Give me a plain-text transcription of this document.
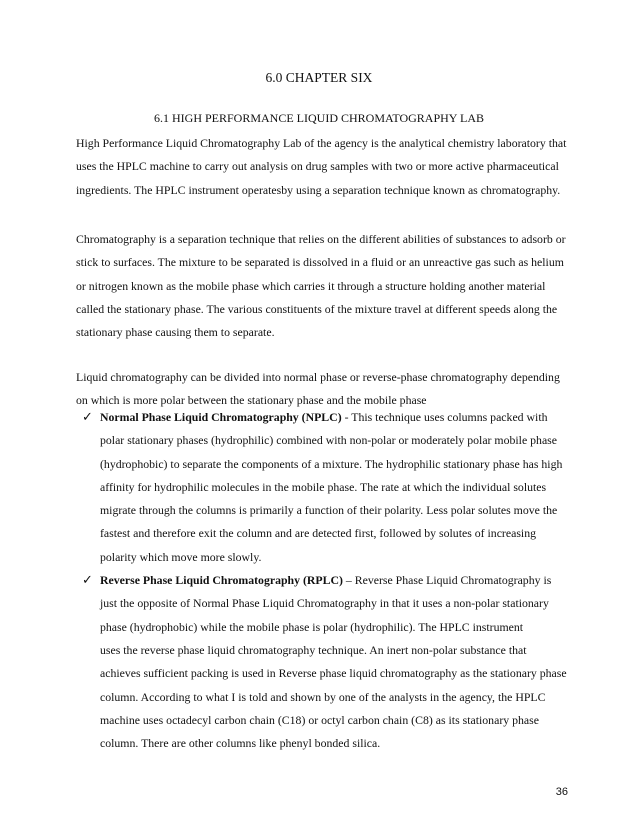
6.0 CHAPTER SIX
6.1 HIGH PERFORMANCE LIQUID CHROMATOGRAPHY LAB

High Performance Liquid Chromatography Lab of the agency is the analytical chemistry laboratory that uses the HPLC machine to carry out analysis on drug samples with two or more active pharmaceutical ingredients. The HPLC instrument operatesby using a separation technique known as chromatography.

Chromatography is a separation technique that relies on the different abilities of substances to adsorb or stick to surfaces. The mixture to be separated is dissolved in a fluid or an unreactive gas such as helium or nitrogen known as the mobile phase which carries it through a structure holding another material called the stationary phase. The various constituents of the mixture travel at different speeds along the stationary phase causing them to separate.

Liquid chromatography can be divided into normal phase or reverse-phase chromatography depending on which is more polar between the stationary phase and the mobile phase

✓ Normal Phase Liquid Chromatography (NPLC) - This technique uses columns packed with polar stationary phases (hydrophilic) combined with non-polar or moderately polar mobile phase (hydrophobic) to separate the components of a mixture. The hydrophilic stationary phase has high affinity for hydrophilic molecules in the mobile phase. The rate at which the individual solutes migrate through the columns is primarily a function of their polarity. Less polar solutes move the fastest and therefore exit the column and are detected first, followed by solutes of increasing polarity which move more slowly.
✓ Reverse Phase Liquid Chromatography (RPLC) – Reverse Phase Liquid Chromatography is just the opposite of Normal Phase Liquid Chromatography in that it uses a non-polar stationary phase (hydrophobic) while the mobile phase is polar (hydrophilic). The HPLC instrument
uses the reverse phase liquid chromatography technique. An inert non-polar substance that achieves sufficient packing is used in Reverse phase liquid chromatography as the stationary phase column. According to what I is told and shown by one of the analysts in the agency, the HPLC machine uses octadecyl carbon chain (C18) or octyl carbon chain (C8) as its stationary phase column. There are other columns like phenyl bonded silica.
36
